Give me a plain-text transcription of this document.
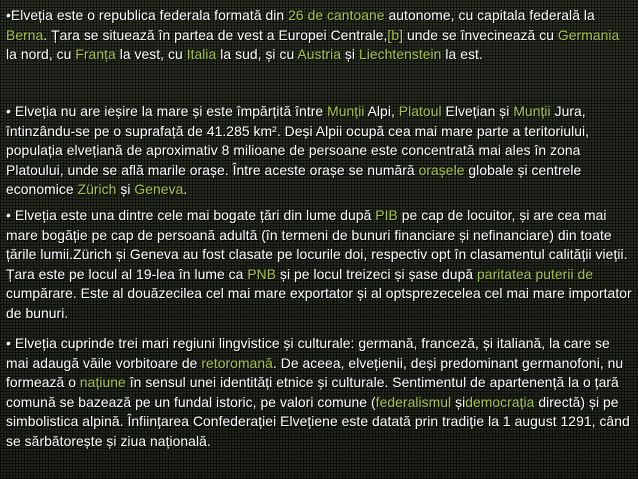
•Elveția este o republica federala formată din 26 de cantoane autonome, cu capitala federală la Berna. Țara se situează în partea de vest a Europei Centrale,[b] unde se învecinează cu Germania la nord, cu Franța la vest, cu Italia la sud, și cu Austria și Liechtenstein la est.

• Elveția nu are ieșire la mare și este împărțită între Munții Alpi, Platoul Elvețian și Munții Jura, întinzându-se pe o suprafață de 41.285 km². Deși Alpii ocupă cea mai mare parte a teritoriului, populația elvețiană de aproximativ 8 milioane de persoane este concentrată mai ales în zona Platoului, unde se află marile orașe. Între aceste orașe se numără orașele globale și centrele economice Zürich și Geneva.

• Elveția este una dintre cele mai bogate țări din lume după PIB pe cap de locuitor, și are cea mai mare bogăție pe cap de persoană adultă (în termeni de bunuri financiare și nefinanciare) din toate țările lumii.Zürich și Geneva au fost clasate pe locurile doi, respectiv opt în clasamentul calității vieții. Țara este pe locul al 19-lea în lume ca PNB și pe locul treizeci și șase după paritatea puterii de cumpărare. Este al douăzecilea cel mai mare exportator și al optsprezecelea cel mai mare importator de bunuri.

• Elveția cuprinde trei mari regiuni lingvistice și culturale: germană, franceză, și italiană, la care se mai adaugă văile vorbitoare de retoromană. De aceea, elvețienii, deși predominant germanofoni, nu formează o națiune în sensul unei identități etnice și culturale. Sentimentul de apartenență la o țară comună se bazează pe un fundal istoric, pe valori comune (federalismul șidemocrația directă) și pe simbolistica alpină. Înființarea Confederației Elvețiene este datată prin tradiție la 1 august 1291, când se sărbătorește și ziua națională.
